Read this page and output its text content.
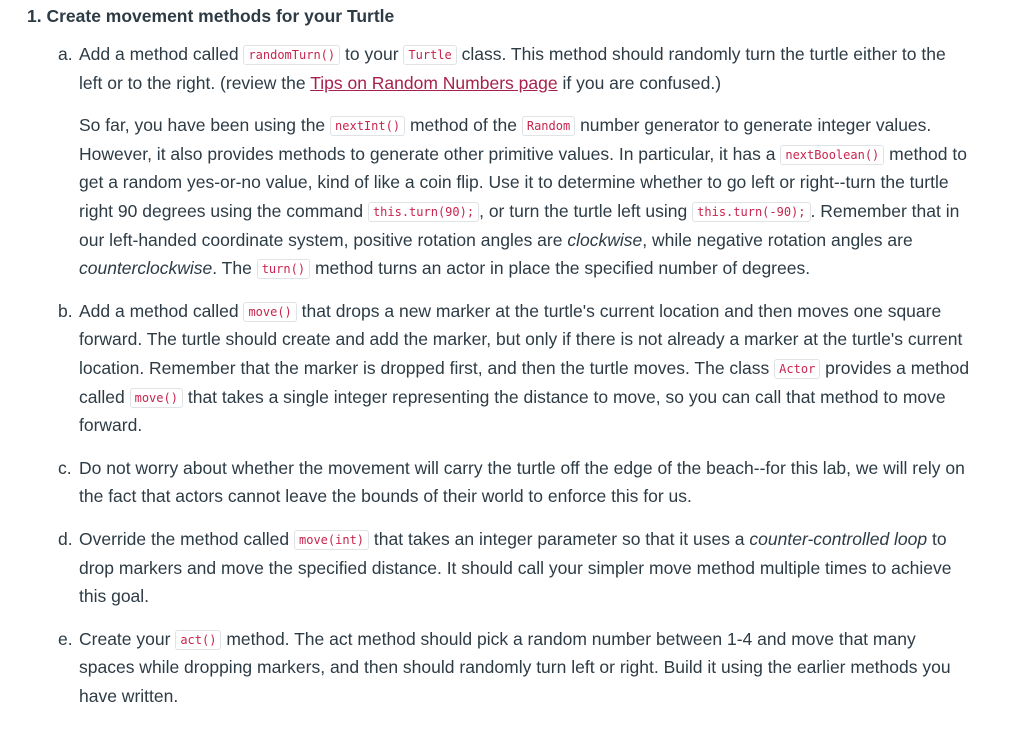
1. Create movement methods for your Turtle
a. Add a method called randomTurn() to your Turtle class. This method should randomly turn the turtle either to the left or to the right. (review the Tips on Random Numbers page if you are confused.)

So far, you have been using the nextInt() method of the Random number generator to generate integer values. However, it also provides methods to generate other primitive values. In particular, it has a nextBoolean() method to get a random yes-or-no value, kind of like a coin flip. Use it to determine whether to go left or right--turn the turtle right 90 degrees using the command this.turn(90); , or turn the turtle left using this.turn(-90); . Remember that in our left-handed coordinate system, positive rotation angles are clockwise, while negative rotation angles are counterclockwise. The turn() method turns an actor in place the specified number of degrees.

b. Add a method called move() that drops a new marker at the turtle's current location and then moves one square forward. The turtle should create and add the marker, but only if there is not already a marker at the turtle's current location. Remember that the marker is dropped first, and then the turtle moves. The class Actor provides a method called move() that takes a single integer representing the distance to move, so you can call that method to move forward.

c. Do not worry about whether the movement will carry the turtle off the edge of the beach--for this lab, we will rely on the fact that actors cannot leave the bounds of their world to enforce this for us.

d. Override the method called move(int) that takes an integer parameter so that it uses a counter-controlled loop to drop markers and move the specified distance. It should call your simpler move method multiple times to achieve this goal.

e. Create your act() method. The act method should pick a random number between 1-4 and move that many spaces while dropping markers, and then should randomly turn left or right. Build it using the earlier methods you have written.
